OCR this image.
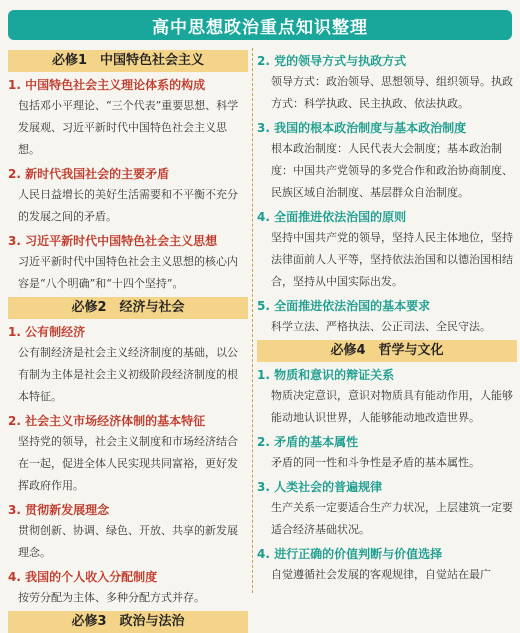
高中思想政治重点知识整理
必修1　中国特色社会主义
1. 中国特色社会主义理论体系的构成
包括邓小平理论、“三个代表”重要思想、科学发展观、习近平新时代中国特色社会主义思想。
2. 新时代我国社会的主要矛盾
人民日益增长的美好生活需要和不平衡不充分的发展之间的矛盾。
3. 习近平新时代中国特色社会主义思想
习近平新时代中国特色社会主义思想的核心内容是“八个明确”和“十四个坚持”。
必修2　经济与社会
1. 公有制经济
公有制经济是社会主义经济制度的基础，以公有制为主体是社会主义初级阶段经济制度的根本特征。
2. 社会主义市场经济体制的基本特征
坚持党的领导，社会主义制度和市场经济结合在一起，促进全体人民实现共同富裕，更好发挥政府作用。
3. 贯彻新发展理念
贯彻创新、协调、绿色、开放、共享的新发展理念。
4. 我国的个人收入分配制度
按劳分配为主体、多种分配方式并存。
必修3　政治与法治
2. 党的领导方式与执政方式
领导方式：政治领导、思想领导、组织领导。执政方式：科学执政、民主执政、依法执政。
3. 我国的根本政治制度与基本政治制度
根本政治制度：人民代表大会制度；基本政治制度：中国共产党领导的多党合作和政治协商制度、民族区域自治制度、基层群众自治制度。
4. 全面推进依法治国的原则
坚持中国共产党的领导，坚持人民主体地位，坚持法律面前人人平等，坚持依法治国和以德治国相结合，坚持从中国实际出发。
5. 全面推进依法治国的基本要求
科学立法、严格执法、公正司法、全民守法。
必修4　哲学与文化
1. 物质和意识的辩证关系
物质决定意识，意识对物质具有能动作用，人能够能动地认识世界，人能够能动地改造世界。
2. 矛盾的基本属性
矛盾的同一性和斗争性是矛盾的基本属性。
3. 人类社会的普遍规律
生产关系一定要适合生产力状况，上层建筑一定要适合经济基础状况。
4. 进行正确的价值判断与价值选择
自觉遵循社会发展的客观规律，自觉站在最广
